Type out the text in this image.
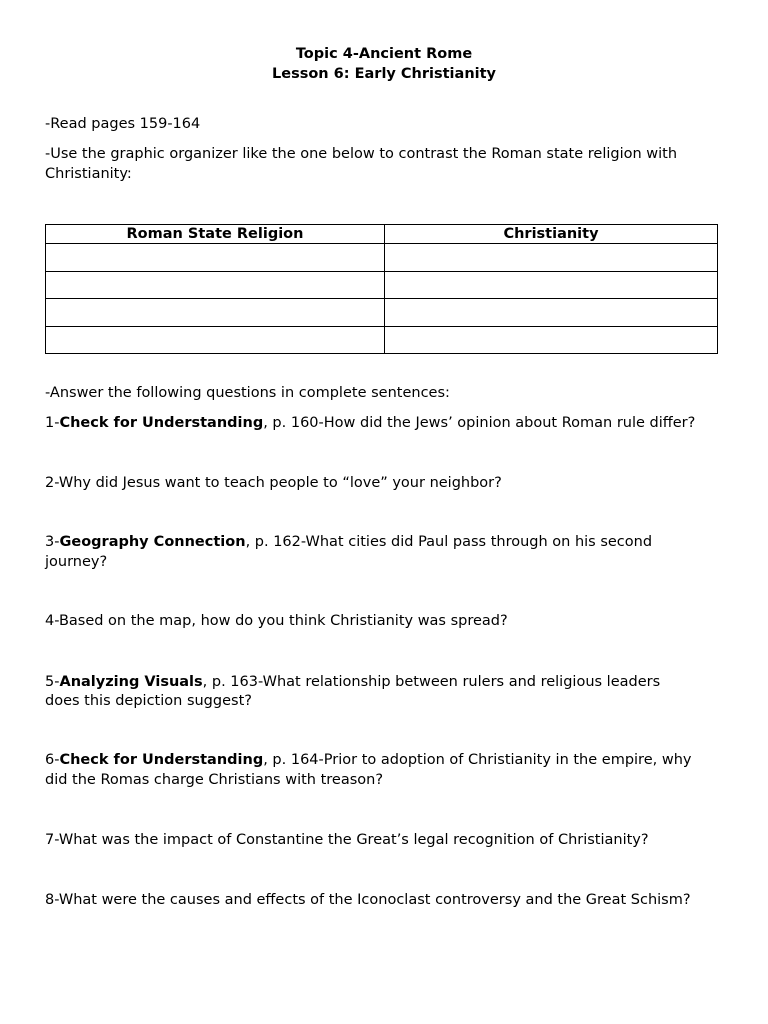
Topic 4-Ancient Rome
Lesson 6: Early Christianity
-Read pages 159-164
-Use the graphic organizer like the one below to contrast the Roman state religion with
Christianity:
Roman State Religion	Christianity

-Answer the following questions in complete sentences:
1-Check for Understanding, p. 160-How did the Jews’ opinion about Roman rule differ?
2-Why did Jesus want to teach people to “love” your neighbor?
3-Geography Connection, p. 162-What cities did Paul pass through on his second
journey?
4-Based on the map, how do you think Christianity was spread?
5-Analyzing Visuals, p. 163-What relationship between rulers and religious leaders
does this depiction suggest?
6-Check for Understanding, p. 164-Prior to adoption of Christianity in the empire, why
did the Romas charge Christians with treason?
7-What was the impact of Constantine the Great’s legal recognition of Christianity?
8-What were the causes and effects of the Iconoclast controversy and the Great Schism?
